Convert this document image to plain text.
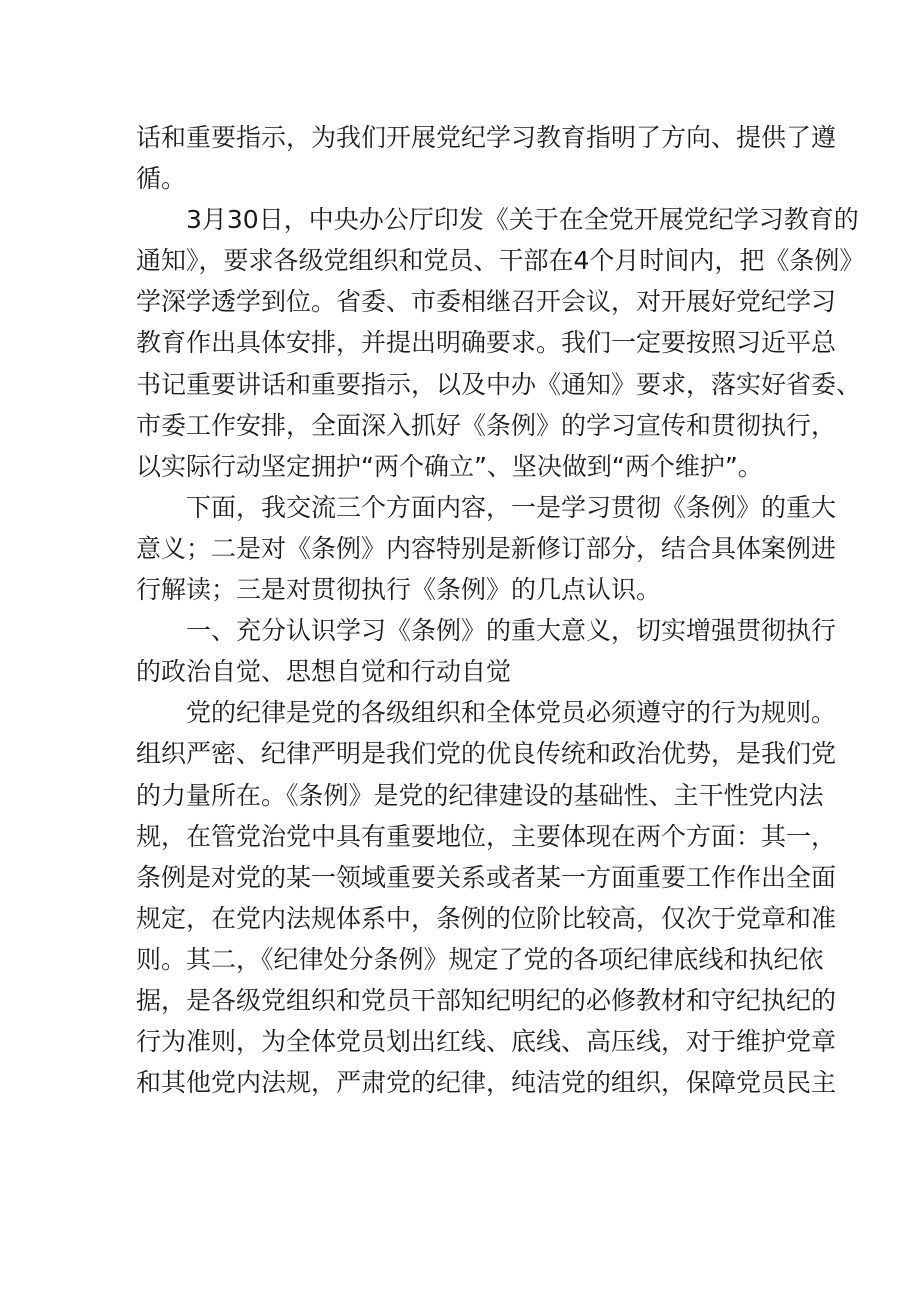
话和重要指示，为我们开展党纪学习教育指明了方向、提供了遵
循。
3月30日，中央办公厅印发《关于在全党开展党纪学习教育的
通知》，要求各级党组织和党员、干部在4个月时间内，把《条例》
学深学透学到位。省委、市委相继召开会议，对开展好党纪学习
教育作出具体安排，并提出明确要求。我们一定要按照习近平总
书记重要讲话和重要指示，以及中办《通知》要求，落实好省委、
市委工作安排，全面深入抓好《条例》的学习宣传和贯彻执行，
以实际行动坚定拥护“两个确立”、坚决做到“两个维护”。
下面，我交流三个方面内容，一是学习贯彻《条例》的重大
意义；二是对《条例》内容特别是新修订部分，结合具体案例进
行解读；三是对贯彻执行《条例》的几点认识。
一、充分认识学习《条例》的重大意义，切实增强贯彻执行
的政治自觉、思想自觉和行动自觉
党的纪律是党的各级组织和全体党员必须遵守的行为规则。
组织严密、纪律严明是我们党的优良传统和政治优势，是我们党
的力量所在。《条例》是党的纪律建设的基础性、主干性党内法
规，在管党治党中具有重要地位，主要体现在两个方面：其一，
条例是对党的某一领域重要关系或者某一方面重要工作作出全面
规定，在党内法规体系中，条例的位阶比较高，仅次于党章和准
则。其二，《纪律处分条例》规定了党的各项纪律底线和执纪依
据，是各级党组织和党员干部知纪明纪的必修教材和守纪执纪的
行为准则，为全体党员划出红线、底线、高压线，对于维护党章
和其他党内法规，严肃党的纪律，纯洁党的组织，保障党员民主
